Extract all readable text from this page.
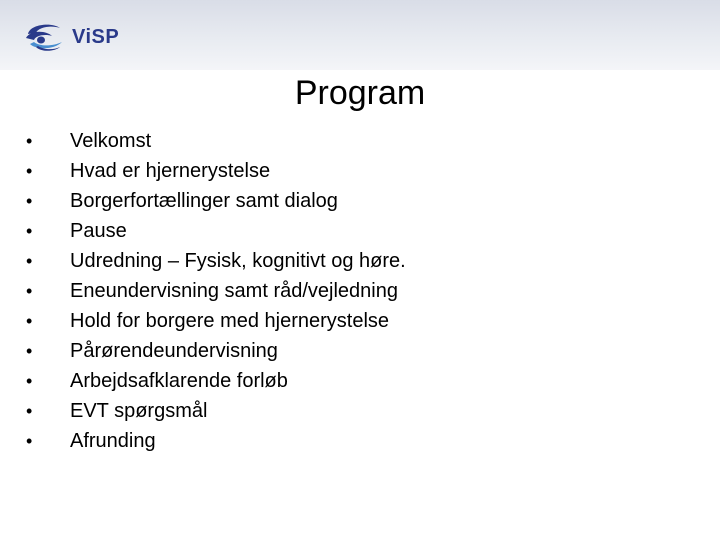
ViSP
Program
•	Velkomst
•	Hvad er hjernerystelse
•	Borgerfortællinger samt dialog
•	Pause
•	Udredning – Fysisk, kognitivt og høre.
•	Eneundervisning samt råd/vejledning
•	Hold for borgere med hjernerystelse
•	Pårørendeundervisning
•	Arbejdsafklarende forløb
•	EVT spørgsmål
•	Afrunding
